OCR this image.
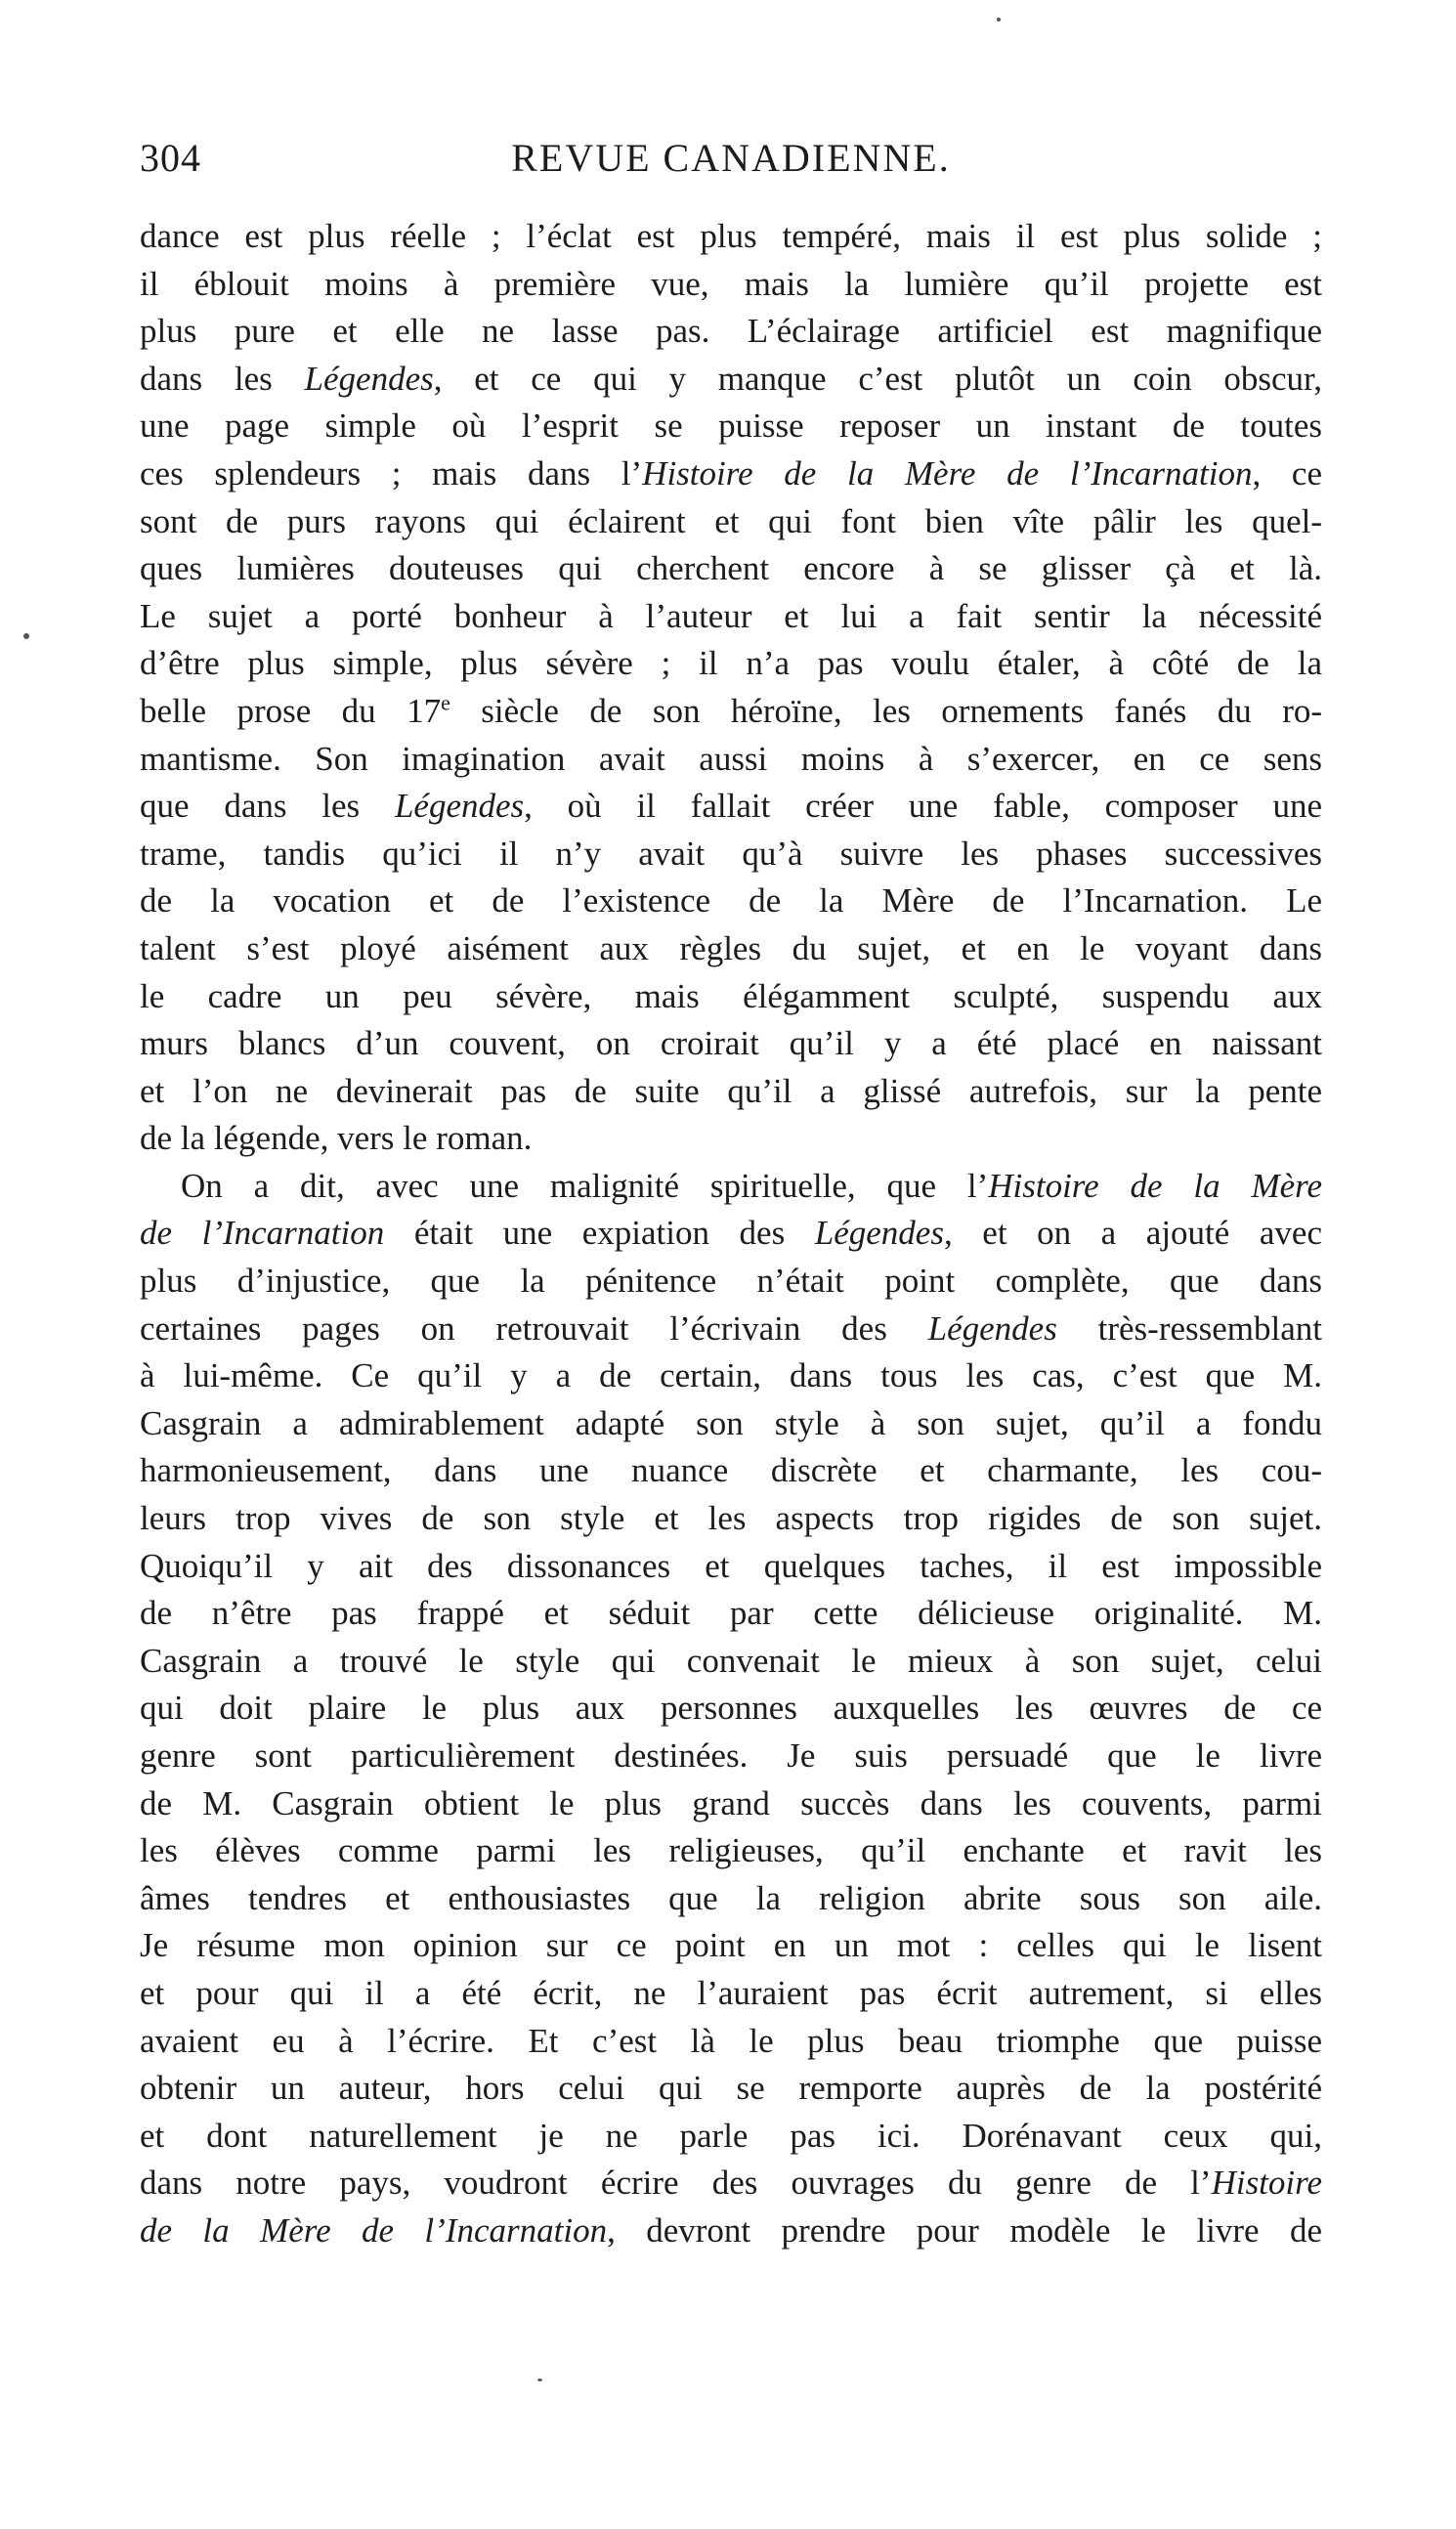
304	REVUE CANADIENNE.
dance est plus réelle ; l’éclat est plus tempéré, mais il est plus solide ;
il éblouit moins à première vue, mais la lumière qu’il projette est
plus pure et elle ne lasse pas. L’éclairage artificiel est magnifique
dans les Légendes, et ce qui y manque c’est plutôt un coin obscur,
une page simple où l’esprit se puisse reposer un instant de toutes
ces splendeurs ; mais dans l’Histoire de la Mère de l’Incarnation, ce
sont de purs rayons qui éclairent et qui font bien vîte pâlir les quel-
ques lumières douteuses qui cherchent encore à se glisser çà et là.
Le sujet a porté bonheur à l’auteur et lui a fait sentir la nécessité
d’être plus simple, plus sévère ; il n’a pas voulu étaler, à côté de la
belle prose du 17e siècle de son héroïne, les ornements fanés du ro-
mantisme. Son imagination avait aussi moins à s’exercer, en ce sens
que dans les Légendes, où il fallait créer une fable, composer une
trame, tandis qu’ici il n’y avait qu’à suivre les phases successives
de la vocation et de l’existence de la Mère de l’Incarnation. Le
talent s’est ployé aisément aux règles du sujet, et en le voyant dans
le cadre un peu sévère, mais élégamment sculpté, suspendu aux
murs blancs d’un couvent, on croirait qu’il y a été placé en naissant
et l’on ne devinerait pas de suite qu’il a glissé autrefois, sur la pente
de la légende, vers le roman.
On a dit, avec une malignité spirituelle, que l’Histoire de la Mère
de l’Incarnation était une expiation des Légendes, et on a ajouté avec
plus d’injustice, que la pénitence n’était point complète, que dans
certaines pages on retrouvait l’écrivain des Légendes très-ressemblant
à lui-même. Ce qu’il y a de certain, dans tous les cas, c’est que M.
Casgrain a admirablement adapté son style à son sujet, qu’il a fondu
harmonieusement, dans une nuance discrète et charmante, les cou-
leurs trop vives de son style et les aspects trop rigides de son sujet.
Quoiqu’il y ait des dissonances et quelques taches, il est impossible
de n’être pas frappé et séduit par cette délicieuse originalité. M.
Casgrain a trouvé le style qui convenait le mieux à son sujet, celui
qui doit plaire le plus aux personnes auxquelles les œuvres de ce
genre sont particulièrement destinées. Je suis persuadé que le livre
de M. Casgrain obtient le plus grand succès dans les couvents, parmi
les élèves comme parmi les religieuses, qu’il enchante et ravit les
âmes tendres et enthousiastes que la religion abrite sous son aile.
Je résume mon opinion sur ce point en un mot : celles qui le lisent
et pour qui il a été écrit, ne l’auraient pas écrit autrement, si elles
avaient eu à l’écrire. Et c’est là le plus beau triomphe que puisse
obtenir un auteur, hors celui qui se remporte auprès de la postérité
et dont naturellement je ne parle pas ici. Dorénavant ceux qui,
dans notre pays, voudront écrire des ouvrages du genre de l’Histoire
de la Mère de l’Incarnation, devront prendre pour modèle le livre de
